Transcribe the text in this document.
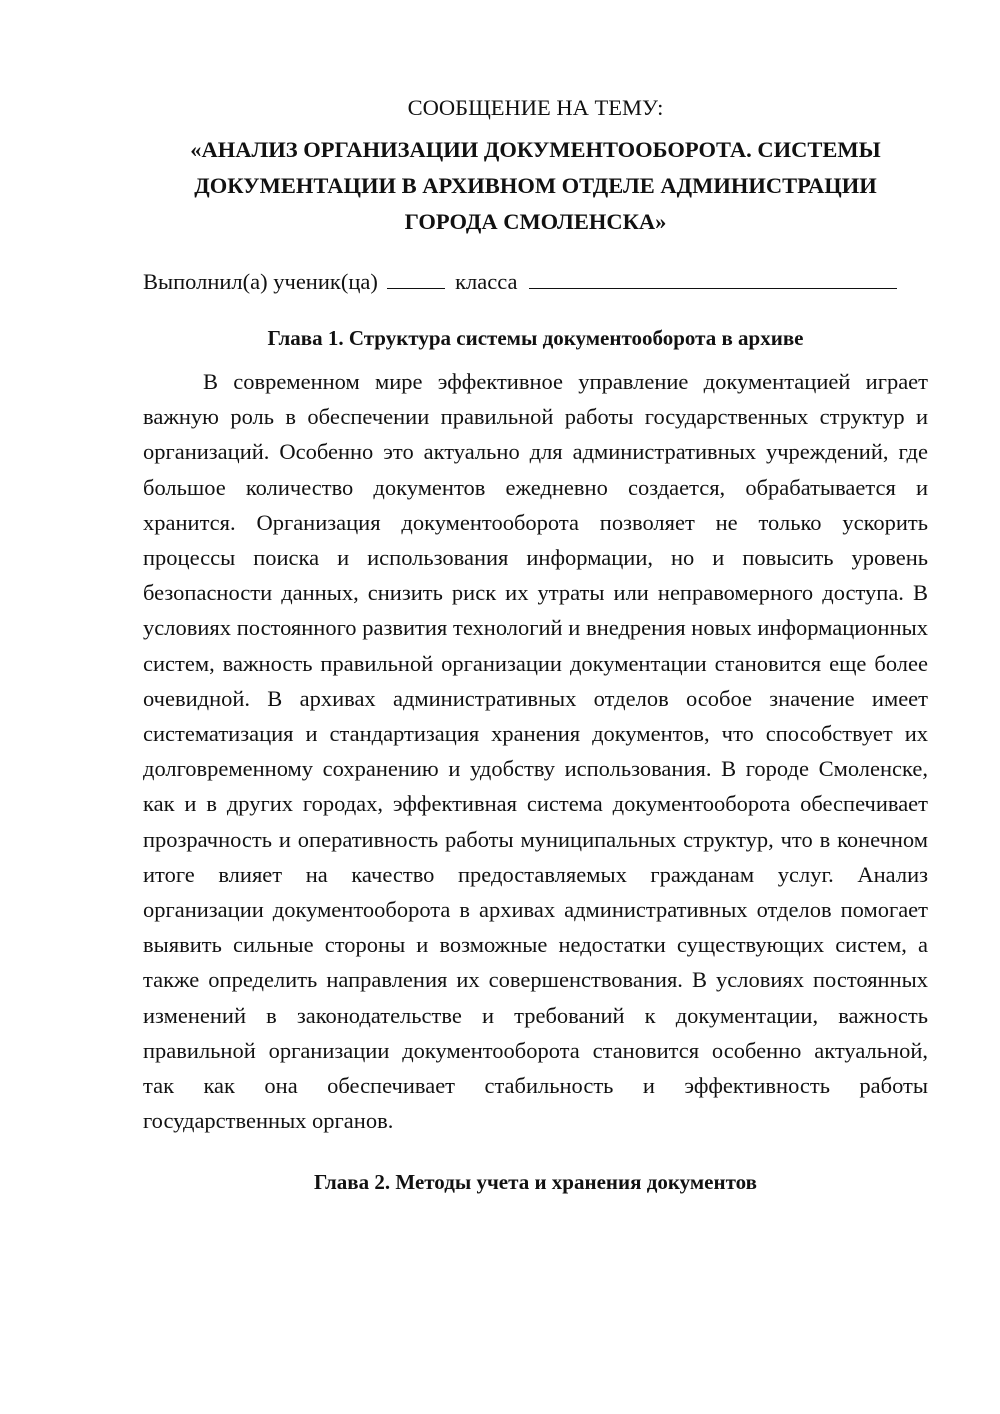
СООБЩЕНИЕ НА ТЕМУ:

«АНАЛИЗ ОРГАНИЗАЦИИ ДОКУМЕНТООБОРОТА. СИСТЕМЫ

ДОКУМЕНТАЦИИ В АРХИВНОМ ОТДЕЛЕ АДМИНИСТРАЦИИ

ГОРОДА СМОЛЕНСКА»

Выполнил(а) ученик(ца)	класса

Глава 1. Структура системы документооборота в архиве

В современном мире эффективное управление документацией играет важную роль в обеспечении правильной работы государственных структур и организаций. Особенно это актуально для административных учреждений, где большое количество документов ежедневно создается, обрабатывается и хранится. Организация документооборота позволяет не только ускорить процессы поиска и использования информации, но и повысить уровень безопасности данных, снизить риск их утраты или неправомерного доступа. В условиях постоянного развития технологий и внедрения новых информационных систем, важность правильной организации документации становится еще более очевидной. В архивах административных отделов особое значение имеет систематизация и стандартизация хранения документов, что способствует их долговременному сохранению и удобству использования. В городе Смоленске, как и в других городах, эффективная система документооборота обеспечивает прозрачность и оперативность работы муниципальных структур, что в конечном итоге влияет на качество предоставляемых гражданам услуг. Анализ организации документооборота в архивах административных отделов помогает выявить сильные стороны и возможные недостатки существующих систем, а также определить направления их совершенствования. В условиях постоянных изменений в законодательстве и требований к документации, важность правильной организации документооборота становится особенно актуальной, так как она обеспечивает стабильность и эффективность работы государственных органов.

Глава 2. Методы учета и хранения документов
